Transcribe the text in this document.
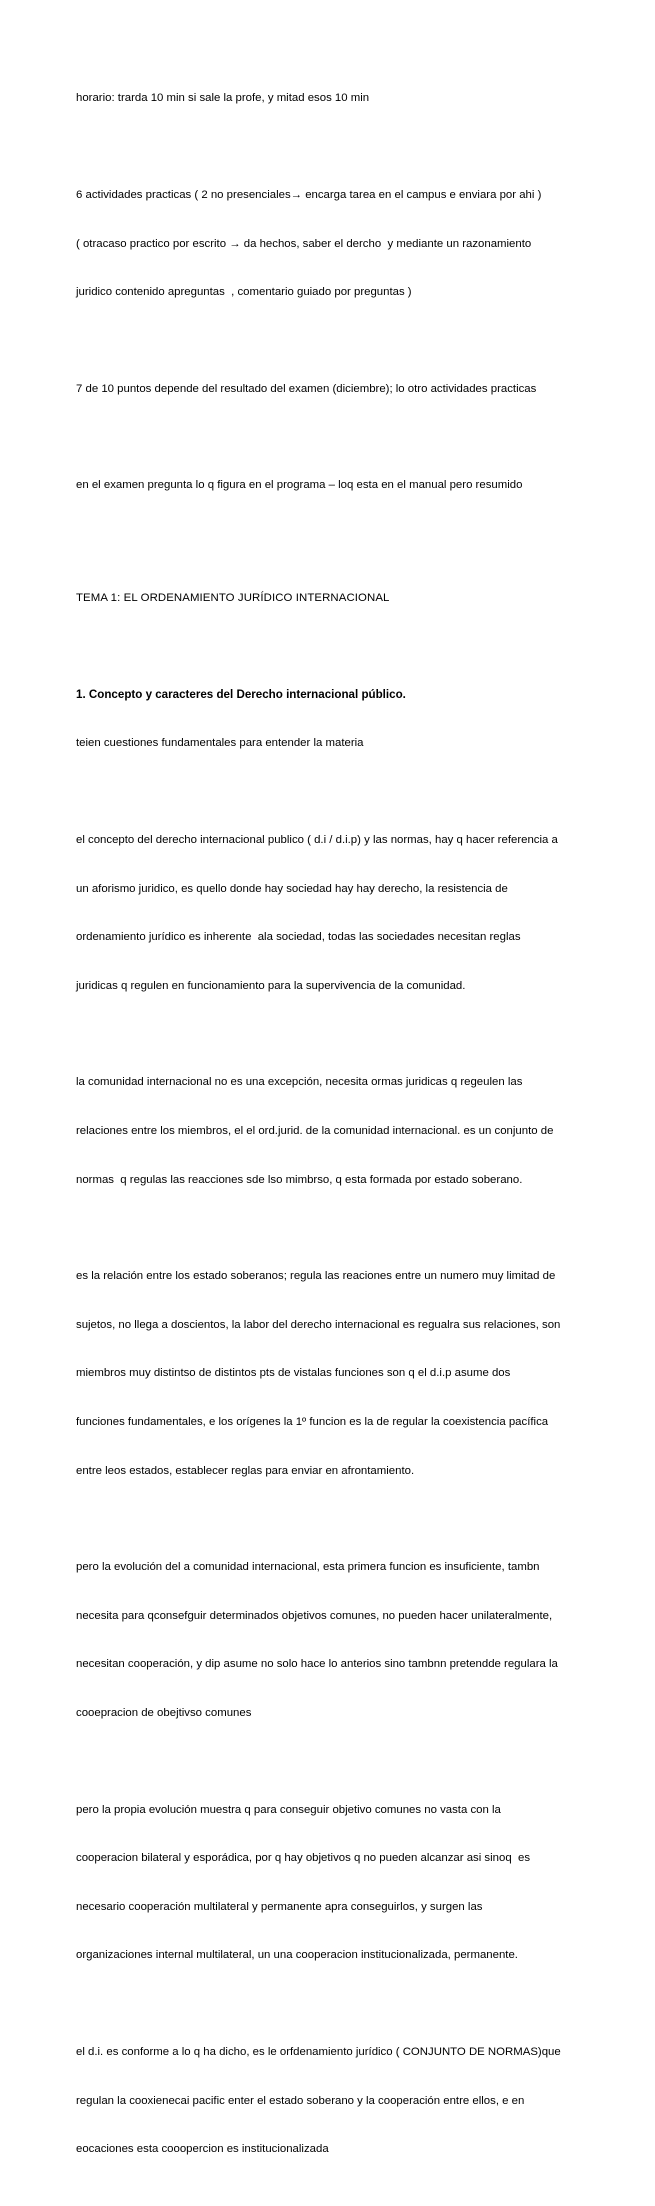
horario: trarda 10 min si sale la profe, y mitad esos 10 min

6 actividades practicas ( 2 no presenciales→ encarga tarea en el campus e enviara por ahi )

( otracaso practico por escrito → da hechos, saber el dercho  y mediante un razonamiento

juridico contenido apreguntas  , comentario guiado por preguntas )

7 de 10 puntos depende del resultado del examen (diciembre); lo otro actividades practicas

en el examen pregunta lo q figura en el programa – loq esta en el manual pero resumido

TEMA 1: EL ORDENAMIENTO JURÍDICO INTERNACIONAL

1. Concepto y caracteres del Derecho internacional público.

teien cuestiones fundamentales para entender la materia

el concepto del derecho internacional publico ( d.i / d.i.p) y las normas, hay q hacer referencia a

un aforismo juridico, es quello donde hay sociedad hay hay derecho, la resistencia de

ordenamiento jurídico es inherente  ala sociedad, todas las sociedades necesitan reglas

juridicas q regulen en funcionamiento para la supervivencia de la comunidad.

la comunidad internacional no es una excepción, necesita ormas juridicas q regeulen las

relaciones entre los miembros, el el ord.jurid. de la comunidad internacional. es un conjunto de

normas  q regulas las reacciones sde lso mimbrso, q esta formada por estado soberano.

es la relación entre los estado soberanos; regula las reaciones entre un numero muy limitad de

sujetos, no llega a doscientos, la labor del derecho internacional es regualra sus relaciones, son

miembros muy distintso de distintos pts de vistalas funciones son q el d.i.p asume dos

funciones fundamentales, e los orígenes la 1º funcion es la de regular la coexistencia pacífica

entre leos estados, establecer reglas para enviar en afrontamiento.

pero la evolución del a comunidad internacional, esta primera funcion es insuficiente, tambn

necesita para qconsefguir determinados objetivos comunes, no pueden hacer unilateralmente,

necesitan cooperación, y dip asume no solo hace lo anterios sino tambnn pretendde regulara la

cooepracion de obejtivso comunes

pero la propia evolución muestra q para conseguir objetivo comunes no vasta con la

cooperacion bilateral y esporádica, por q hay objetivos q no pueden alcanzar asi sinoq  es

necesario cooperación multilateral y permanente apra conseguirlos, y surgen las

organizaciones internal multilateral, un una cooperacion institucionalizada, permanente.

el d.i. es conforme a lo q ha dicho, es le orfdenamiento jurídico ( CONJUNTO DE NORMAS)que

regulan la cooxienecai pacific enter el estado soberano y la cooperación entre ellos, e en

eocaciones esta cooopercion es institucionalizada
